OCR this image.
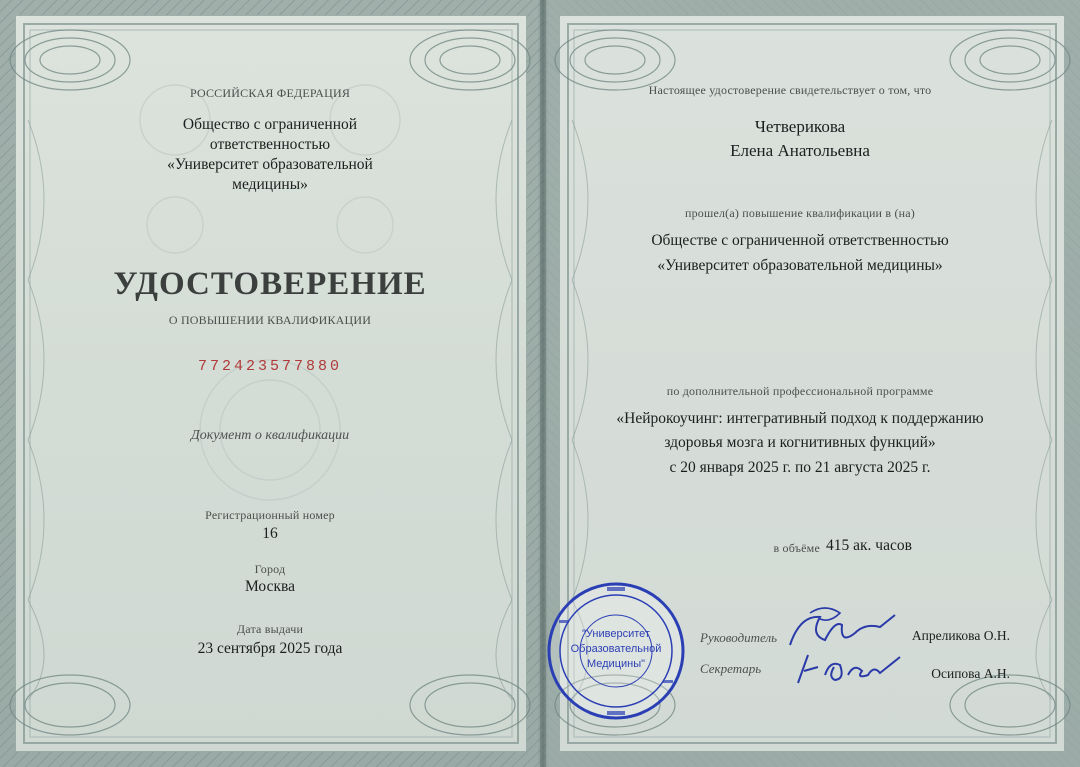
РОССИЙСКАЯ ФЕДЕРАЦИЯ
Общество с ограниченной
ответственностью
«Университет образовательной
медицины»
УДОСТОВЕРЕНИЕ
О ПОВЫШЕНИИ КВАЛИФИКАЦИИ
772423577880
Документ о квалификации
Регистрационный номер
16
Город
Москва
Дата выдачи
23 сентября 2025 года
Настоящее удостоверение свидетельствует о том, что
Четверикова
Елена Анатольевна
прошел(а) повышение квалификации в (на)
Обществе с ограниченной ответственностью
«Университет образовательной медицины»
по дополнительной профессиональной программе
«Нейрокоучинг: интегративный подход к поддержанию
здоровья мозга и когнитивных функций»
с 20 января 2025 г. по 21 августа 2025 г.
в объёме 415 ак. часов
Руководитель	Апреликова О.Н.
Секретарь	Осипова А.Н.
"Университет
Образовательной
Медицины"
